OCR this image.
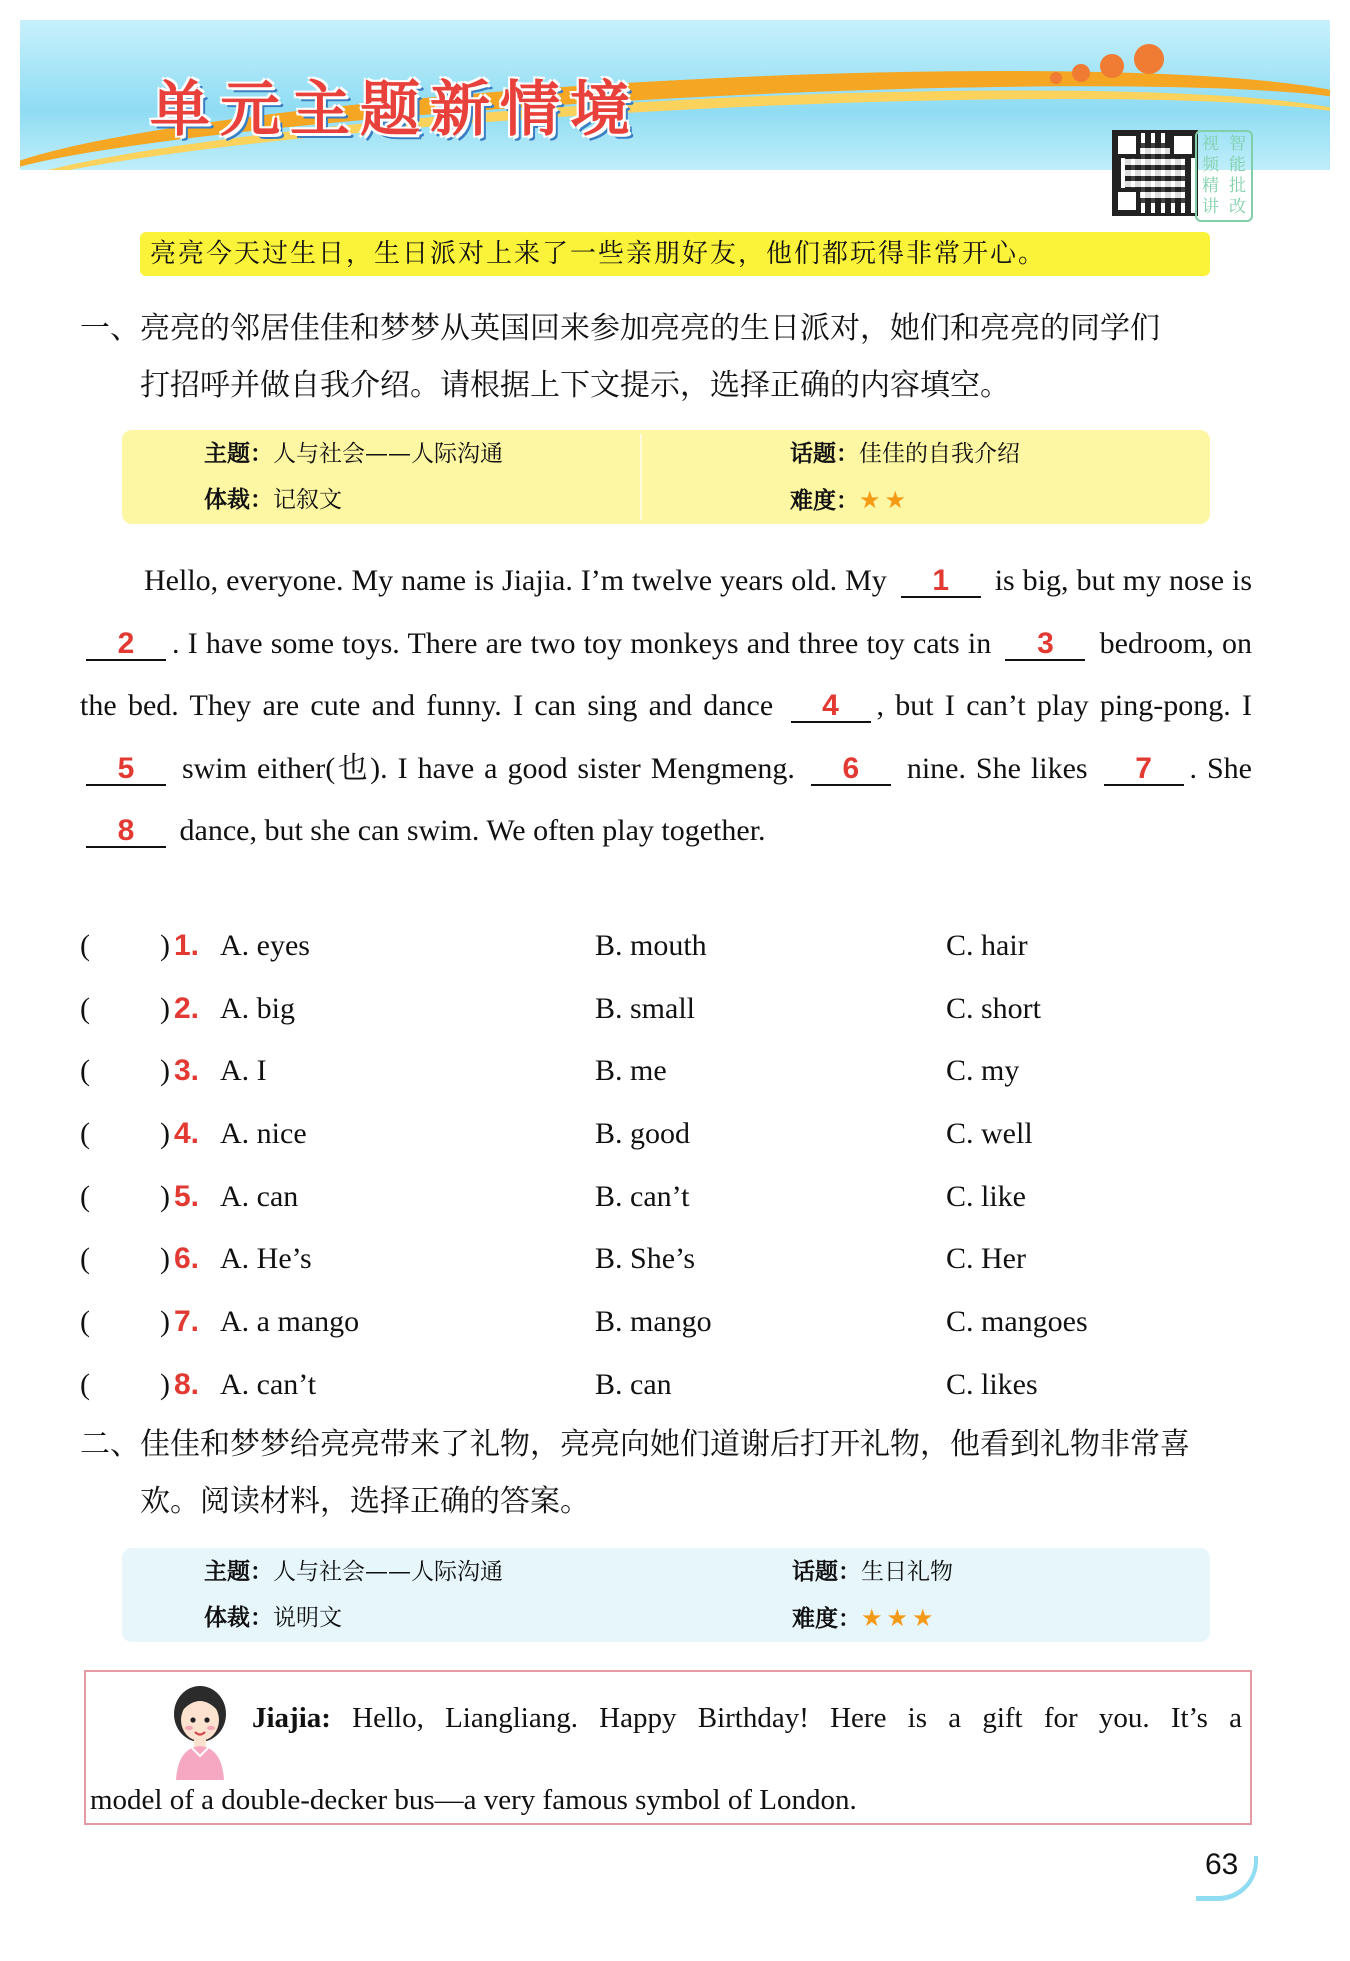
单元主题新情境	视 智
频 能
精 批
讲 改
亮亮今天过生日，生日派对上来了一些亲朋好友，他们都玩得非常开心。
一、亮亮的邻居佳佳和梦梦从英国回来参加亮亮的生日派对，她们和亮亮的同学们
打招呼并做自我介绍。请根据上下文提示，选择正确的内容填空。
主题：人与社会——人际沟通	话题：佳佳的自我介绍
体裁：记叙文	难度：★★
Hello, everyone. My name is Jiajia. I’m twelve years old. My 1 is big, but my nose is 2 . I have some toys. There are two toy monkeys and three toy cats in 3 bedroom, on the bed. They are cute and funny. I can sing and dance 4 , but I can’t play ping-pong. I 5 swim either(也). I have a good sister Mengmeng. 6 nine. She likes 7 . She 8 dance, but she can swim. We often play together.
( ) 1. A. eyes	B. mouth	C. hair
( ) 2. A. big	B. small	C. short
( ) 3. A. I	B. me	C. my
( ) 4. A. nice	B. good	C. well
( ) 5. A. can	B. can’t	C. like
( ) 6. A. He’s	B. She’s	C. Her
( ) 7. A. a mango	B. mango	C. mangoes
( ) 8. A. can’t	B. can	C. likes
二、佳佳和梦梦给亮亮带来了礼物，亮亮向她们道谢后打开礼物，他看到礼物非常喜
欢。阅读材料，选择正确的答案。
主题：人与社会——人际沟通	话题：生日礼物
体裁：说明文	难度：★★★
Jiajia: Hello, Liangliang. Happy Birthday! Here is a gift for you. It’s a
model of a double-decker bus—a very famous symbol of London.
63
